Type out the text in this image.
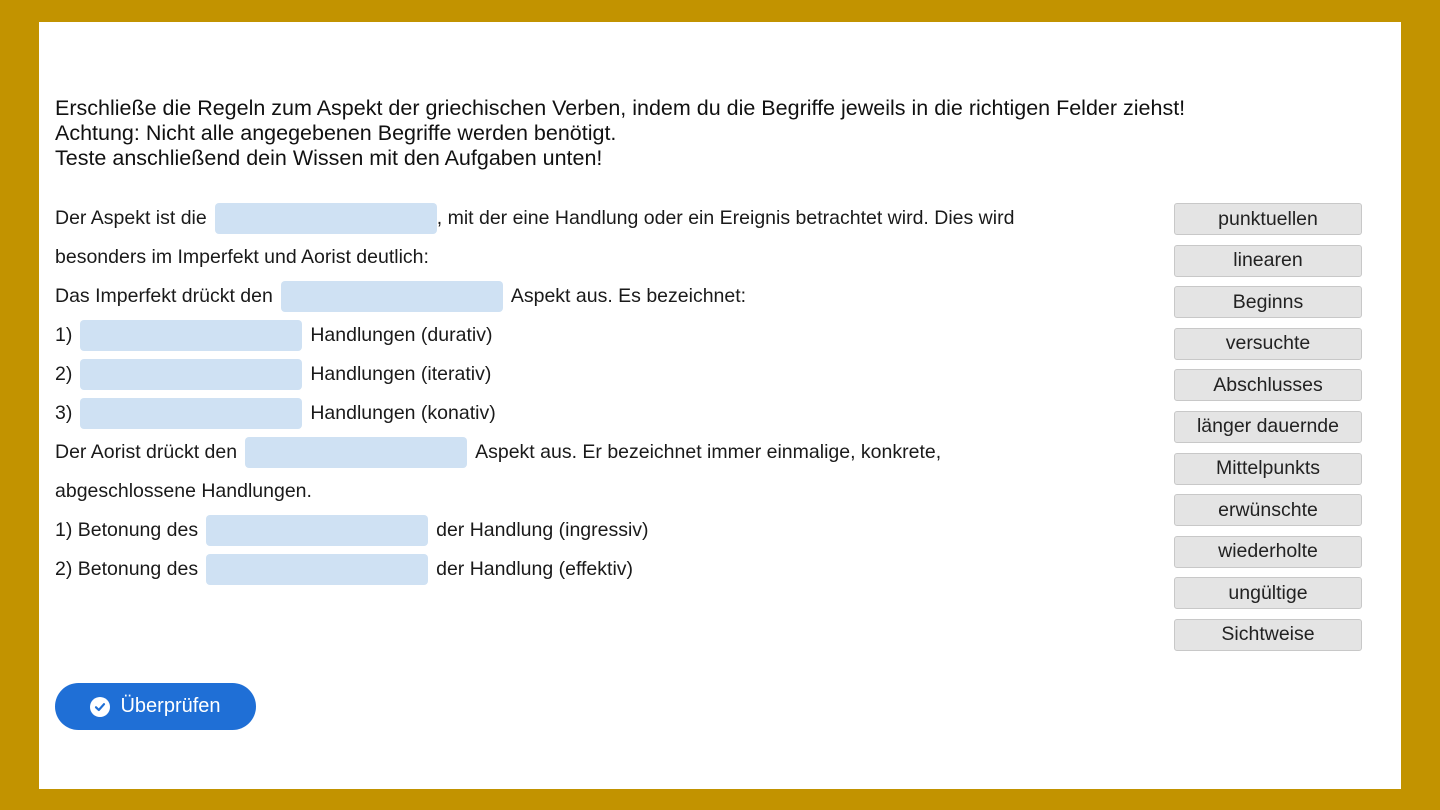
Erschließe die Regeln zum Aspekt der griechischen Verben, indem du die Begriffe jeweils in die richtigen Felder ziehst!
Achtung: Nicht alle angegebenen Begriffe werden benötigt.
Teste anschließend dein Wissen mit den Aufgaben unten!
Der Aspekt ist die	, mit der eine Handlung oder ein Ereignis betrachtet wird. Dies wird
besonders im Imperfekt und Aorist deutlich:
Das Imperfekt drückt den	Aspekt aus. Es bezeichnet:
1)	Handlungen (durativ)
2)	Handlungen (iterativ)
3)	Handlungen (konativ)
Der Aorist drückt den	Aspekt aus. Er bezeichnet immer einmalige, konkrete,
abgeschlossene Handlungen.
1) Betonung des	der Handlung (ingressiv)
2) Betonung des	der Handlung (effektiv)
punktuellen
linearen
Beginns
versuchte
Abschlusses
länger dauernde
Mittelpunkts
erwünschte
wiederholte
ungültige
Sichtweise
Überprüfen
